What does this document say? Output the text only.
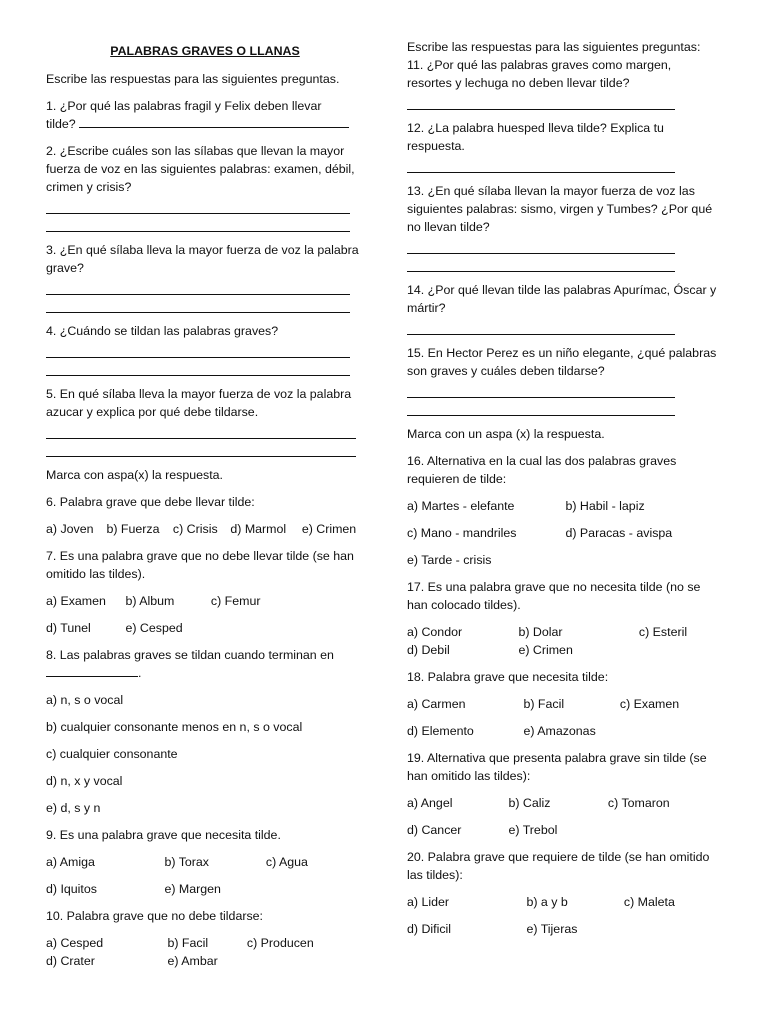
PALABRAS GRAVES O LLANAS

Escribe las respuestas para las siguientes preguntas.

1. ¿Por qué las palabras fragil y Felix deben llevar
tilde?
2. ¿Escribe cuáles son las sílabas que llevan la mayor fuerza de voz en las siguientes palabras: examen, débil, crimen y crisis?
3. ¿En qué sílaba lleva la mayor fuerza de voz la palabra grave?
4. ¿Cuándo se tildan las palabras graves?
5. En qué sílaba lleva la mayor fuerza de voz la palabra azucar y explica por qué debe tildarse.

Marca con aspa(x) la respuesta.

6. Palabra grave que debe llevar tilde:
a) Joven b) Fuerza c) Crisis d) Marmol e) Crimen
7. Es una palabra grave que no debe llevar tilde (se han omitido las tildes).
a) Examen b) Album	c) Femur
d) Tunel	e) Cesped
8. Las palabras graves se tildan cuando terminan en
.
a) n, s o vocal
b) cualquier consonante menos en n, s o vocal
c) cualquier consonante
d) n, x y vocal
e) d, s y n
9. Es una palabra grave que necesita tilde.
a) Amiga	b) Torax	c) Agua
d) Iquitos	e) Margen
10. Palabra grave que no debe tildarse:
a) Cesped	b) Facil	c) Producen
d) Crater	e) Ambar

Escribe las respuestas para las siguientes preguntas:

11. ¿Por qué las palabras graves como margen, resortes y lechuga no deben llevar tilde?
12. ¿La palabra huesped lleva tilde? Explica tu respuesta.
13. ¿En qué sílaba llevan la mayor fuerza de voz las siguientes palabras: sismo, virgen y Tumbes? ¿Por qué no llevan tilde?
14. ¿Por qué llevan tilde las palabras Apurímac, Óscar y mártir?
15. En Hector Perez es un niño elegante, ¿qué palabras son graves y cuáles deben tildarse?

Marca con un aspa (x) la respuesta.

16. Alternativa en la cual las dos palabras graves requieren de tilde:
a) Martes - elefante	b) Habil - lapiz
c) Mano - mandriles	d) Paracas - avispa
e) Tarde - crisis
17. Es una palabra grave que no necesita tilde (no se han colocado tildes).
a) Condor	b) Dolar	c) Esteril
d) Debil	e) Crimen
18. Palabra grave que necesita tilde:
a) Carmen	b) Facil	c) Examen
d) Elemento	e) Amazonas
19. Alternativa que presenta palabra grave sin tilde (se han omitido las tildes):
a) Angel	b) Caliz	c) Tomaron
d) Cancer	e) Trebol
20. Palabra grave que requiere de tilde (se han omitido las tildes):
a) Lider	b) a y b	c) Maleta
d) Dificil	e) Tijeras
